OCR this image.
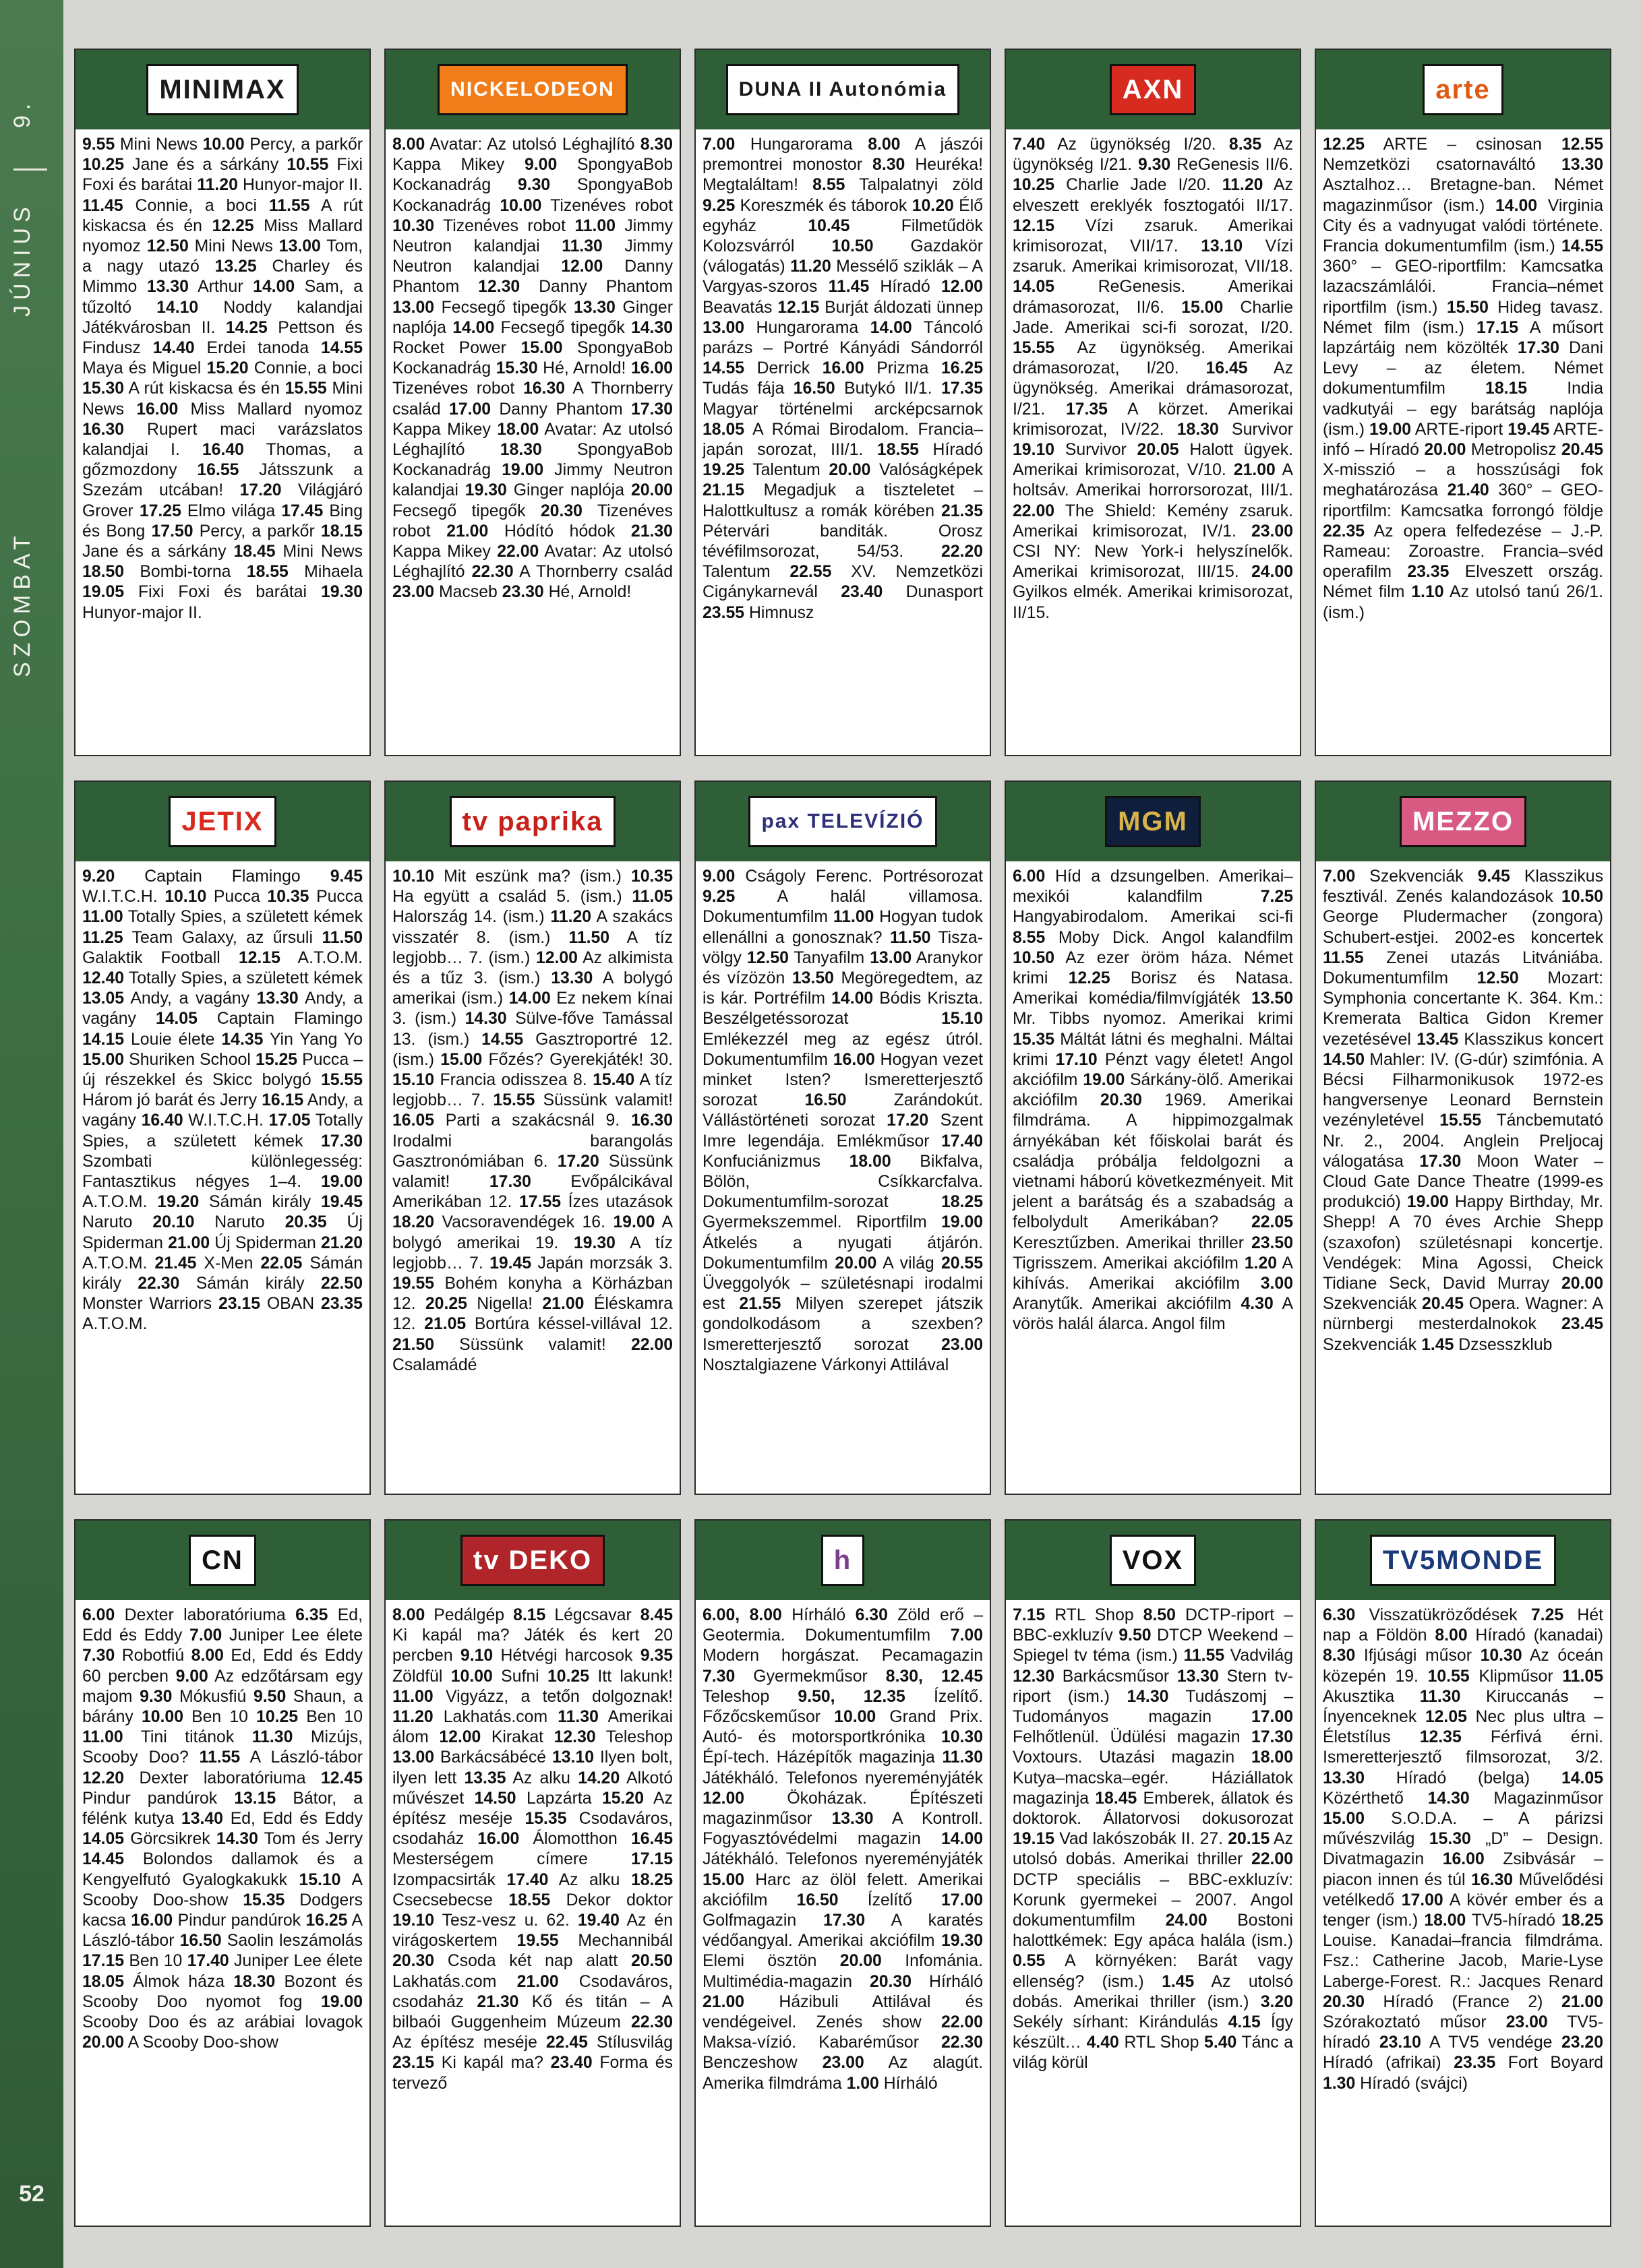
9.
JÚNIUS
SZOMBAT
52
MINIMAX
9.55 Mini News 10.00 Percy, a parkőr 10.25 Jane és a sárkány 10.55 Fixi Foxi és barátai 11.20 Hunyor-major II. 11.45 Connie, a boci 11.55 A rút kiskacsa és én 12.25 Miss Mallard nyomoz 12.50 Mini News 13.00 Tom, a nagy utazó 13.25 Charley és Mimmo 13.30 Arthur 14.00 Sam, a tűzoltó 14.10 Noddy kalandjai Játékvárosban II. 14.25 Pettson és Findusz 14.40 Erdei tanoda 14.55 Maya és Miguel 15.20 Connie, a boci 15.30 A rút kiskacsa és én 15.55 Mini News 16.00 Miss Mallard nyomoz 16.30 Rupert maci varázslatos kalandjai I. 16.40 Thomas, a gőzmozdony 16.55 Játsszunk a Szezám utcában! 17.20 Világjáró Grover 17.25 Elmo világa 17.45 Bing és Bong 17.50 Percy, a parkőr 18.15 Jane és a sárkány 18.45 Mini News 18.50 Bombi-torna 18.55 Mihaela 19.05 Fixi Foxi és barátai 19.30 Hunyor-major II.
NICKELODEON
8.00 Avatar: Az utolsó Léghajlító 8.30 Kappa Mikey 9.00 SpongyaBob Kockanadrág 9.30 SpongyaBob Kockanadrág 10.00 Tizenéves robot 10.30 Tizenéves robot 11.00 Jimmy Neutron kalandjai 11.30 Jimmy Neutron kalandjai 12.00 Danny Phantom 12.30 Danny Phantom 13.00 Fecsegő tipegők 13.30 Ginger naplója 14.00 Fecsegő tipegők 14.30 Rocket Power 15.00 SpongyaBob Kockanadrág 15.30 Hé, Arnold! 16.00 Tizenéves robot 16.30 A Thornberry család 17.00 Danny Phantom 17.30 Kappa Mikey 18.00 Avatar: Az utolsó Léghajlító 18.30 SpongyaBob Kockanadrág 19.00 Jimmy Neutron kalandjai 19.30 Ginger naplója 20.00 Fecsegő tipegők 20.30 Tizenéves robot 21.00 Hódító hódok 21.30 Kappa Mikey 22.00 Avatar: Az utolsó Léghajlító 22.30 A Thornberry család 23.00 Macseb 23.30 Hé, Arnold!
DUNA II Autonómia
7.00 Hungarorama 8.00 A jászói premontrei monostor 8.30 Heuréka! Megtaláltam! 8.55 Talpalatnyi zöld 9.25 Koreszmék és táborok 10.20 Élő egyház 10.45 Filmetűdök Kolozsvárról 10.50 Gazdakör (válogatás) 11.20 Messélő sziklák – A Vargyas-szoros 11.45 Híradó 12.00 Beavatás 12.15 Burját áldozati ünnep 13.00 Hungarorama 14.00 Táncoló parázs – Portré Kányádi Sándorról 14.55 Derrick 16.00 Prizma 16.25 Tudás fája 16.50 Butykó II/1. 17.35 Magyar történelmi arcképcsarnok 18.05 A Római Birodalom. Francia–japán sorozat, III/1. 18.55 Híradó 19.25 Talentum 20.00 Valóságképek 21.15 Megadjuk a tiszteletet – Halottkultusz a romák körében 21.35 Pétervári banditák. Orosz tévéfilmsorozat, 54/53. 22.20 Talentum 22.55 XV. Nemzetközi Cigánykarnevál 23.40 Dunasport 23.55 Himnusz
AXN
7.40 Az ügynökség I/20. 8.35 Az ügynökség I/21. 9.30 ReGenesis II/6. 10.25 Charlie Jade I/20. 11.20 Az elveszett ereklyék fosztogatói II/17. 12.15 Vízi zsaruk. Amerikai krimisorozat, VII/17. 13.10 Vízi zsaruk. Amerikai krimisorozat, VII/18. 14.05 ReGenesis. Amerikai drámasorozat, II/6. 15.00 Charlie Jade. Amerikai sci-fi sorozat, I/20. 15.55 Az ügynökség. Amerikai drámasorozat, I/20. 16.45 Az ügynökség. Amerikai drámasorozat, I/21. 17.35 A körzet. Amerikai krimisorozat, IV/22. 18.30 Survivor 19.10 Survivor 20.05 Halott ügyek. Amerikai krimisorozat, V/10. 21.00 A holtsáv. Amerikai horrorsorozat, III/1. 22.00 The Shield: Kemény zsaruk. Amerikai krimisorozat, IV/1. 23.00 CSI NY: New York-i helyszínelők. Amerikai krimisorozat, III/15. 24.00 Gyilkos elmék. Amerikai krimisorozat, II/15.
arte
12.25 ARTE – csinosan 12.55 Nemzetközi csatornaváltó 13.30 Asztalhoz… Bretagne-ban. Német magazinműsor (ism.) 14.00 Virginia City és a vadnyugat valódi története. Francia dokumentumfilm (ism.) 14.55 360° – GEO-riportfilm: Kamcsatka lazacszámlálói. Francia–német riportfilm (ism.) 15.50 Hideg tavasz. Német film (ism.) 17.15 A műsort lapzártáig nem közölték 17.30 Dani Levy – az életem. Német dokumentumfilm 18.15 India vadkutyái – egy barátság naplója (ism.) 19.00 ARTE-riport 19.45 ARTE-infó – Híradó 20.00 Metropolisz 20.45 X-misszió – a hosszúsági fok meghatározása 21.40 360° – GEO-riportfilm: Kamcsatka forrongó földje 22.35 Az opera felfedezése – J.-P. Rameau: Zoroastre. Francia–svéd operafilm 23.35 Elveszett ország. Német film 1.10 Az utolsó tanú 26/1. (ism.)
JETIX
9.20 Captain Flamingo 9.45 W.I.T.C.H. 10.10 Pucca 10.35 Pucca 11.00 Totally Spies, a született kémek 11.25 Team Galaxy, az űrsuli 11.50 Galaktik Football 12.15 A.T.O.M. 12.40 Totally Spies, a született kémek 13.05 Andy, a vagány 13.30 Andy, a vagány 14.05 Captain Flamingo 14.15 Louie élete 14.35 Yin Yang Yo 15.00 Shuriken School 15.25 Pucca – új részekkel és Skicc bolygó 15.55 Három jó barát és Jerry 16.15 Andy, a vagány 16.40 W.I.T.C.H. 17.05 Totally Spies, a született kémek 17.30 Szombati különlegesség: Fantasztikus négyes 1–4. 19.00 A.T.O.M. 19.20 Sámán király 19.45 Naruto 20.10 Naruto 20.35 Új Spiderman 21.00 Új Spiderman 21.20 A.T.O.M. 21.45 X-Men 22.05 Sámán király 22.30 Sámán király 22.50 Monster Warriors 23.15 OBAN 23.35 A.T.O.M.
tv paprika
10.10 Mit eszünk ma? (ism.) 10.35 Ha együtt a család 5. (ism.) 11.05 Halország 14. (ism.) 11.20 A szakács visszatér 8. (ism.) 11.50 A tíz legjobb… 7. (ism.) 12.00 Az alkimista és a tűz 3. (ism.) 13.30 A bolygó amerikai (ism.) 14.00 Ez nekem kínai 3. (ism.) 14.30 Sülve-főve Tamással 13. (ism.) 14.55 Gasztroportré 12. (ism.) 15.00 Főzés? Gyerekjáték! 30. 15.10 Francia odisszea 8. 15.40 A tíz legjobb… 7. 15.55 Süssünk valamit! 16.05 Parti a szakácsnál 9. 16.30 Irodalmi barangolás Gasztronómiában 6. 17.20 Süssünk valamit! 17.30 Evőpálcikával Amerikában 12. 17.55 Ízes utazások 18.20 Vacsoravendégek 16. 19.00 A bolygó amerikai 19. 19.30 A tíz legjobb… 7. 19.45 Japán morzsák 3. 19.55 Bohém konyha a Körházban 12. 20.25 Nigella! 21.00 Éléskamra 12. 21.05 Bortúra késsel-villával 12. 21.50 Süssünk valamit! 22.00 Csalamádé
pax TELEVÍZIÓ
9.00 Cságoly Ferenc. Portrésorozat 9.25 A halál villamosa. Dokumentumfilm 11.00 Hogyan tudok ellenállni a gonosznak? 11.50 Tisza-völgy 12.50 Tanyafilm 13.00 Aranykor és vízözön 13.50 Megöregedtem, az is kár. Portréfilm 14.00 Bódis Kriszta. Beszélgetéssorozat 15.10 Emlékezzél meg az egész útról. Dokumentumfilm 16.00 Hogyan vezet minket Isten? Ismeretterjesztő sorozat 16.50 Zarándokút. Vállástörténeti sorozat 17.20 Szent Imre legendája. Emlékműsor 17.40 Konfuciánizmus 18.00 Bikfalva, Bölön, Csíkkarcfalva. Dokumentumfilm-sorozat 18.25 Gyermekszemmel. Riportfilm 19.00 Átkelés a nyugati átjárón. Dokumentumfilm 20.00 A világ 20.55 Üveggolyók – születésnapi irodalmi est 21.55 Milyen szerepet játszik gondolkodásom a szexben? Ismeretterjesztő sorozat 23.00 Nosztalgiazene Várkonyi Attilával
MGM
6.00 Híd a dzsungelben. Amerikai–mexikói kalandfilm 7.25 Hangyabirodalom. Amerikai sci-fi 8.55 Moby Dick. Angol kalandfilm 10.50 Az ezer öröm háza. Német krimi 12.25 Borisz és Natasa. Amerikai komédia/filmvígjáték 13.50 Mr. Tibbs nyomoz. Amerikai krimi 15.35 Máltát látni és meghalni. Máltai krimi 17.10 Pénzt vagy életet! Angol akciófilm 19.00 Sárkány-ölő. Amerikai akciófilm 20.30 1969. Amerikai filmdráma. A hippimozgalmak árnyékában két főiskolai barát és családja próbálja feldolgozni a vietnami háború következményeit. Mit jelent a barátság és a szabadság a felbolydult Amerikában? 22.05 Keresztűzben. Amerikai thriller 23.50 Tigrisszem. Amerikai akciófilm 1.20 A kihívás. Amerikai akciófilm 3.00 Aranytűk. Amerikai akciófilm 4.30 A vörös halál álarca. Angol film
MEZZO
7.00 Szekvenciák 9.45 Klasszikus fesztivál. Zenés kalandozások 10.50 George Pludermacher (zongora) Schubert-estjei. 2002-es koncertek 11.55 Zenei utazás Litvániába. Dokumentumfilm 12.50 Mozart: Symphonia concertante K. 364. Km.: Kremerata Baltica Gidon Kremer vezetésével 13.45 Klasszikus koncert 14.50 Mahler: IV. (G-dúr) szimfónia. A Bécsi Filharmonikusok 1972-es hangversenye Leonard Bernstein vezényletével 15.55 Táncbemutató Nr. 2., 2004. Anglein Preljocaj válogatása 17.30 Moon Water – Cloud Gate Dance Theatre (1999-es produkció) 19.00 Happy Birthday, Mr. Shepp! A 70 éves Archie Shepp (szaxofon) születésnapi koncertje. Vendégek: Mina Agossi, Cheick Tidiane Seck, David Murray 20.00 Szekvenciák 20.45 Opera. Wagner: A nürnbergi mesterdalnokok 23.45 Szekvenciák 1.45 Dzsesszklub
CN
6.00 Dexter laboratóriuma 6.35 Ed, Edd és Eddy 7.00 Juniper Lee élete 7.30 Robotfiú 8.00 Ed, Edd és Eddy 60 percben 9.00 Az edzőtársam egy majom 9.30 Mókusfiú 9.50 Shaun, a bárány 10.00 Ben 10 10.25 Ben 10 11.00 Tini titánok 11.30 Mizújs, Scooby Doo? 11.55 A László-tábor 12.20 Dexter laboratóriuma 12.45 Pindur pandúrok 13.15 Bátor, a félénk kutya 13.40 Ed, Edd és Eddy 14.05 Görcsikrek 14.30 Tom és Jerry 14.45 Bolondos dallamok és a Kengyelfutó Gyalogkakukk 15.10 A Scooby Doo-show 15.35 Dodgers kacsa 16.00 Pindur pandúrok 16.25 A László-tábor 16.50 Saolin leszámolás 17.15 Ben 10 17.40 Juniper Lee élete 18.05 Álmok háza 18.30 Bozont és Scooby Doo nyomot fog 19.00 Scooby Doo és az arábiai lovagok 20.00 A Scooby Doo-show
tv DEKO
8.00 Pedálgép 8.15 Légcsavar 8.45 Ki kapál ma? Játék és kert 20 percben 9.10 Hétvégi harcosok 9.35 Zöldfül 10.00 Sufni 10.25 Itt lakunk! 11.00 Vigyázz, a tetőn dolgoznak! 11.20 Lakhatás.com 11.30 Amerikai álom 12.00 Kirakat 12.30 Teleshop 13.00 Barkácsábécé 13.10 Ilyen bolt, ilyen lett 13.35 Az alku 14.20 Alkotó művészet 14.50 Lapzárta 15.20 Az építész meséje 15.35 Csodaváros, csodaház 16.00 Álomotthon 16.45 Mesterségem címere 17.15 Izompacsirták 17.40 Az alku 18.25 Csecsebecse 18.55 Dekor doktor 19.10 Tesz-vesz u. 62. 19.40 Az én virágoskertem 19.55 Mechannibál 20.30 Csoda két nap alatt 20.50 Lakhatás.com 21.00 Csodaváros, csodaház 21.30 Kő és titán – A bilbaói Guggenheim Múzeum 22.30 Az építész meséje 22.45 Stílusvilág 23.15 Ki kapál ma? 23.40 Forma és tervező
h
6.00, 8.00 Hírháló 6.30 Zöld erő – Geotermia. Dokumentumfilm 7.00 Modern horgászat. Pecamagazin 7.30 Gyermekműsor 8.30, 12.45 Teleshop 9.50, 12.35 Ízelítő. Főzőcskeműsor 10.00 Grand Prix. Autó- és motorsportkrónika 10.30 Épí-tech. Házépítők magazinja 11.30 Játékháló. Telefonos nyereményjáték 12.00 Ökoházak. Építészeti magazinműsor 13.30 A Kontroll. Fogyasztóvédelmi magazin 14.00 Játékháló. Telefonos nyereményjáték 15.00 Harc az ölöl felett. Amerikai akciófilm 16.50 Ízelítő 17.00 Golfmagazin 17.30 A karatés védőangyal. Amerikai akciófilm 19.30 Elemi ösztön 20.00 Infománia. Multimédia-magazin 20.30 Hírháló 21.00 Házibuli Attilával és vendégeivel. Zenés show 22.00 Maksa-vízió. Kabaréműsor 22.30 Benczeshow 23.00 Az alagút. Amerika filmdráma 1.00 Hírháló
VOX
7.15 RTL Shop 8.50 DCTP-riport – BBC-exkluzív 9.50 DTCP Weekend – Spiegel tv téma (ism.) 11.55 Vadvilág 12.30 Barkácsműsor 13.30 Stern tv-riport (ism.) 14.30 Tudászomj – Tudományos magazin 17.00 Felhőtlenül. Üdülési magazin 17.30 Voxtours. Utazási magazin 18.00 Kutya–macska–egér. Háziállatok magazinja 18.45 Emberek, állatok és doktorok. Állatorvosi dokusorozat 19.15 Vad lakószobák II. 27. 20.15 Az utolsó dobás. Amerikai thriller 22.00 DCTP speciális – BBC-exkluzív: Korunk gyermekei – 2007. Angol dokumentumfilm 24.00 Bostoni halottkémek: Egy apáca halála (ism.) 0.55 A környéken: Barát vagy ellenség? (ism.) 1.45 Az utolsó dobás. Amerikai thriller (ism.) 3.20 Sekély sírhant: Kirándulás 4.15 Így készült… 4.40 RTL Shop 5.40 Tánc a világ körül
TV5MONDE
6.30 Visszatükröződések 7.25 Hét nap a Földön 8.00 Híradó (kanadai) 8.30 Ifjúsági műsor 10.30 Az óceán közepén 19. 10.55 Klipműsor 11.05 Akusztika 11.30 Kiruccanás – Ínyenceknek 12.05 Nec plus ultra – Életstílus 12.35 Férfivá érni. Ismeretterjesztő filmsorozat, 3/2. 13.30 Híradó (belga) 14.05 Közérthető 14.30 Magazinműsor 15.00 S.O.D.A. – A párizsi művészvilág 15.30 „D” – Design. Divatmagazin 16.00 Zsibvásár – piacon innen és túl 16.30 Művelődési vetélkedő 17.00 A kövér ember és a tenger (ism.) 18.00 TV5-híradó 18.25 Louise. Kanadai–francia filmdráma. Fsz.: Catherine Jacob, Marie-Lyse Laberge-Forest. R.: Jacques Renard 20.30 Híradó (France 2) 21.00 Szórakoztató műsor 23.00 TV5-híradó 23.10 A TV5 vendége 23.20 Híradó (afrikai) 23.35 Fort Boyard 1.30 Híradó (svájci)
